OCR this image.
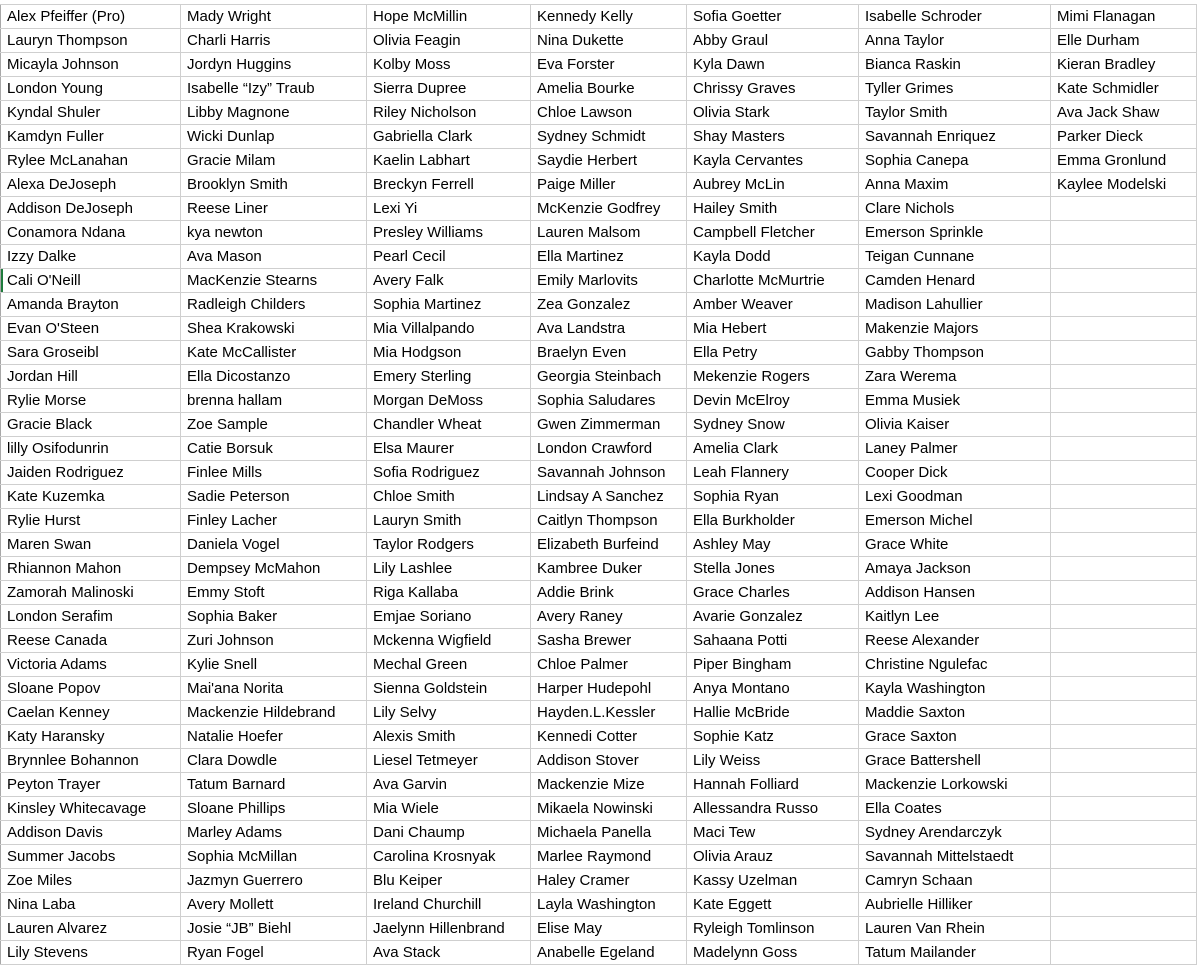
Alex Pfeiffer (Pro)	Mady Wright	Hope McMillin	Kennedy Kelly	Sofia Goetter	Isabelle Schroder	Mimi Flanagan
Lauryn Thompson	Charli Harris	Olivia Feagin	Nina Dukette	Abby Graul	Anna Taylor	Elle Durham
Micayla Johnson	Jordyn Huggins	Kolby Moss	Eva Forster	Kyla Dawn	Bianca Raskin	Kieran Bradley
London Young	Isabelle “Izy” Traub	Sierra Dupree	Amelia Bourke	Chrissy Graves	Tyller Grimes	Kate Schmidler
Kyndal Shuler	Libby Magnone	Riley Nicholson	Chloe Lawson	Olivia Stark	Taylor Smith	Ava Jack Shaw
Kamdyn Fuller	Wicki Dunlap	Gabriella Clark	Sydney Schmidt	Shay Masters	Savannah Enriquez	Parker Dieck
Rylee McLanahan	Gracie Milam	Kaelin Labhart	Saydie Herbert	Kayla Cervantes	Sophia Canepa	Emma Gronlund
Alexa DeJoseph	Brooklyn Smith	Breckyn Ferrell	Paige Miller	Aubrey McLin	Anna Maxim	Kaylee Modelski
Addison DeJoseph	Reese Liner	Lexi Yi	McKenzie Godfrey	Hailey Smith	Clare Nichols	
Conamora Ndana	kya newton	Presley Williams	Lauren Malsom	Campbell Fletcher	Emerson Sprinkle	
Izzy Dalke	Ava Mason	Pearl Cecil	Ella Martinez	Kayla Dodd	Teigan Cunnane	
Cali O'Neill	MacKenzie Stearns	Avery Falk	Emily Marlovits	Charlotte McMurtrie	Camden Henard	
Amanda Brayton	Radleigh Childers	Sophia Martinez	Zea Gonzalez	Amber Weaver	Madison Lahullier	
Evan O'Steen	Shea Krakowski	Mia Villalpando	Ava Landstra	Mia Hebert	Makenzie Majors	
Sara Groseibl	Kate McCallister	Mia Hodgson	Braelyn Even	Ella Petry	Gabby Thompson	
Jordan Hill	Ella Dicostanzo	Emery Sterling	Georgia Steinbach	Mekenzie Rogers	Zara Werema	
Rylie Morse	brenna hallam	Morgan DeMoss	Sophia Saludares	Devin McElroy	Emma Musiek	
Gracie Black	Zoe Sample	Chandler Wheat	Gwen Zimmerman	Sydney Snow	Olivia Kaiser	
lilly Osifodunrin	Catie Borsuk	Elsa Maurer	London Crawford	Amelia Clark	Laney Palmer	
Jaiden Rodriguez	Finlee Mills	Sofia Rodriguez	Savannah Johnson	Leah Flannery	Cooper Dick	
Kate Kuzemka	Sadie Peterson	Chloe Smith	Lindsay A Sanchez	Sophia Ryan	Lexi Goodman	
Rylie Hurst	Finley Lacher	Lauryn Smith	Caitlyn Thompson	Ella Burkholder	Emerson Michel	
Maren Swan	Daniela Vogel	Taylor Rodgers	Elizabeth Burfeind	Ashley May	Grace White	
Rhiannon Mahon	Dempsey McMahon	Lily Lashlee	Kambree Duker	Stella Jones	Amaya Jackson	
Zamorah Malinoski	Emmy Stoft	Riga Kallaba	Addie Brink	Grace Charles	Addison Hansen	
London Serafim	Sophia Baker	Emjae Soriano	Avery Raney	Avarie Gonzalez	Kaitlyn Lee	
Reese Canada	Zuri Johnson	Mckenna Wigfield	Sasha Brewer	Sahaana Potti	Reese Alexander	
Victoria Adams	Kylie Snell	Mechal Green	Chloe Palmer	Piper Bingham	Christine Ngulefac	
Sloane Popov	Mai'ana Norita	Sienna Goldstein	Harper Hudepohl	Anya Montano	Kayla Washington	
Caelan Kenney	Mackenzie Hildebrand	Lily Selvy	Hayden.L.Kessler	Hallie McBride	Maddie Saxton	
Katy Haransky	Natalie Hoefer	Alexis Smith	Kennedi Cotter	Sophie Katz	Grace Saxton	
Brynnlee Bohannon	Clara Dowdle	Liesel Tetmeyer	Addison Stover	Lily Weiss	Grace Battershell	
Peyton Trayer	Tatum Barnard	Ava Garvin	Mackenzie Mize	Hannah Folliard	Mackenzie Lorkowski	
Kinsley Whitecavage	Sloane Phillips	Mia Wiele	Mikaela Nowinski	Allessandra Russo	Ella Coates	
Addison Davis	Marley Adams	Dani Chaump	Michaela Panella	Maci Tew	Sydney Arendarczyk	
Summer Jacobs	Sophia McMillan	Carolina Krosnyak	Marlee Raymond	Olivia Arauz	Savannah Mittelstaedt	
Zoe Miles	Jazmyn Guerrero	Blu Keiper	Haley Cramer	Kassy Uzelman	Camryn Schaan	
Nina Laba	Avery Mollett	Ireland Churchill	Layla Washington	Kate Eggett	Aubrielle Hilliker	
Lauren Alvarez	Josie “JB” Biehl	Jaelynn Hillenbrand	Elise May	Ryleigh Tomlinson	Lauren Van Rhein	
Lily Stevens	Ryan Fogel	Ava Stack	Anabelle Egeland	Madelynn Goss	Tatum Mailander	
